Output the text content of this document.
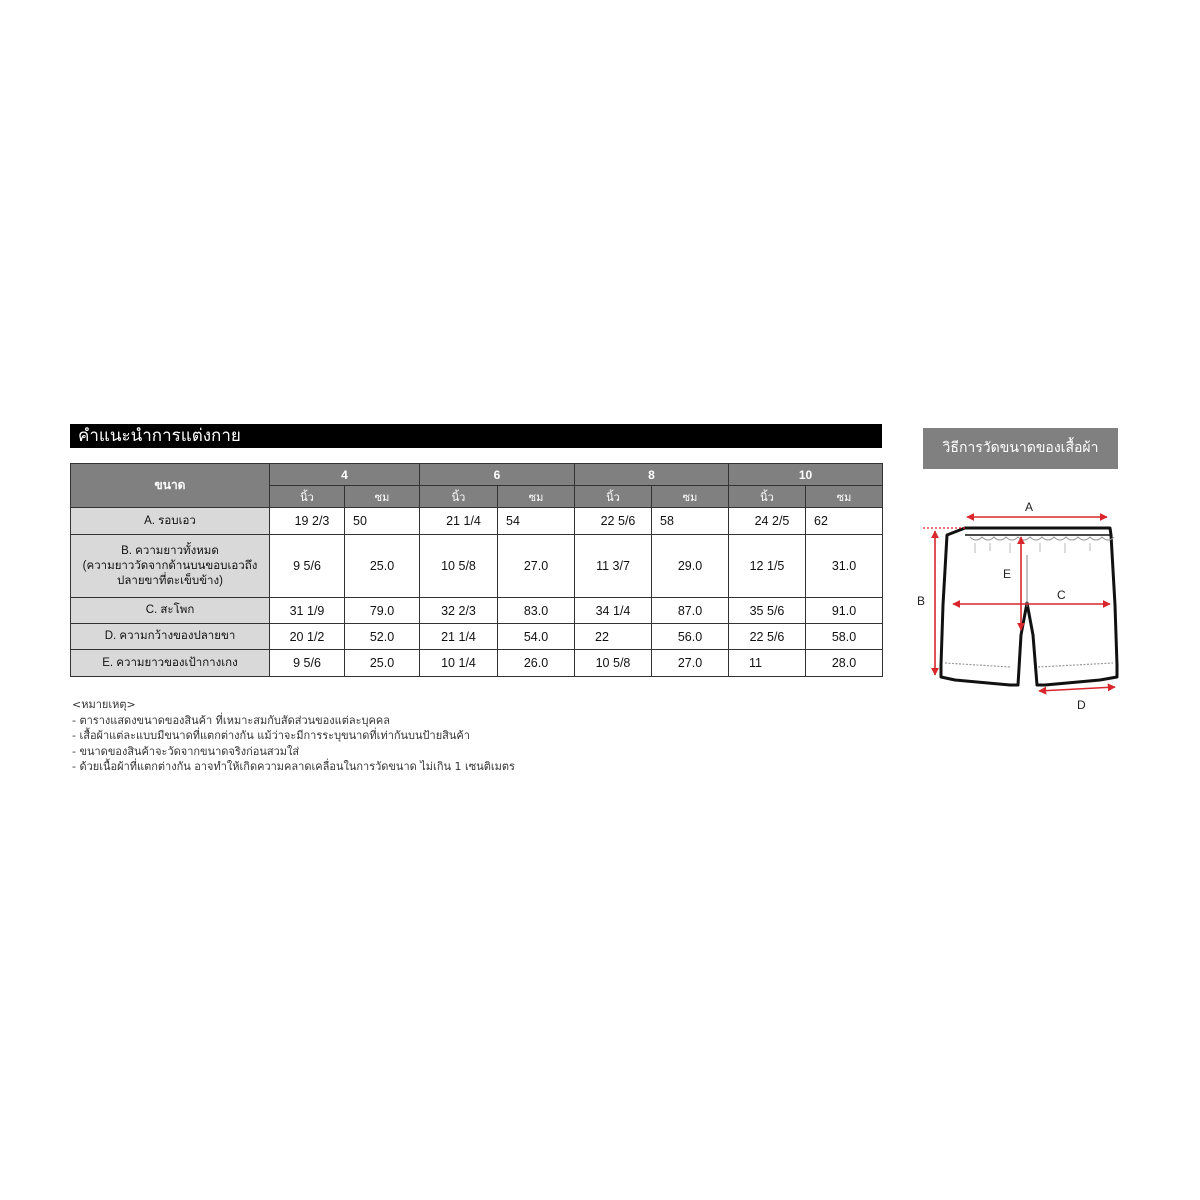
คำแนะนำการแต่งกาย
ขนาด	4		6		8		10	
	นิ้ว	ซม	นิ้ว	ซม	นิ้ว	ซม	นิ้ว	ซม
A. รอบเอว	19 2/3	50	21 1/4	54	22 5/6	58	24 2/5	62

B. ความยาวทั้งหมด
(ความยาววัดจากด้านบนขอบเอวถึง
ปลายขาที่ตะเข็บข้าง)	9 5/6	25.0	10 5/8	27.0	11 3/7	29.0	12 1/5	31.0
C. สะโพก	31 1/9	79.0	32 2/3	83.0	34 1/4	87.0	35 5/6	91.0
D. ความกว้างของปลายขา	20 1/2	52.0	21 1/4	54.0	22	56.0	22 5/6	58.0
E. ความยาวของเป้ากางเกง	9 5/6	25.0	10 1/4	26.0	10 5/8	27.0	11	28.0
<หมายเหตุ>
- ตารางแสดงขนาดของสินค้า ที่เหมาะสมกับสัดส่วนของแต่ละบุคคล
- เสื้อผ้าแต่ละแบบมีขนาดที่แตกต่างกัน แม้ว่าจะมีการระบุขนาดที่เท่ากันบนป้ายสินค้า
- ขนาดของสินค้าจะวัดจากขนาดจริงก่อนสวมใส่
- ด้วยเนื้อผ้าที่แตกต่างกัน อาจทำให้เกิดความคลาดเคลื่อนในการวัดขนาด ไม่เกิน 1 เซนติเมตร
วิธีการวัดขนาดของเสื้อผ้า
A
B	C
D
E
